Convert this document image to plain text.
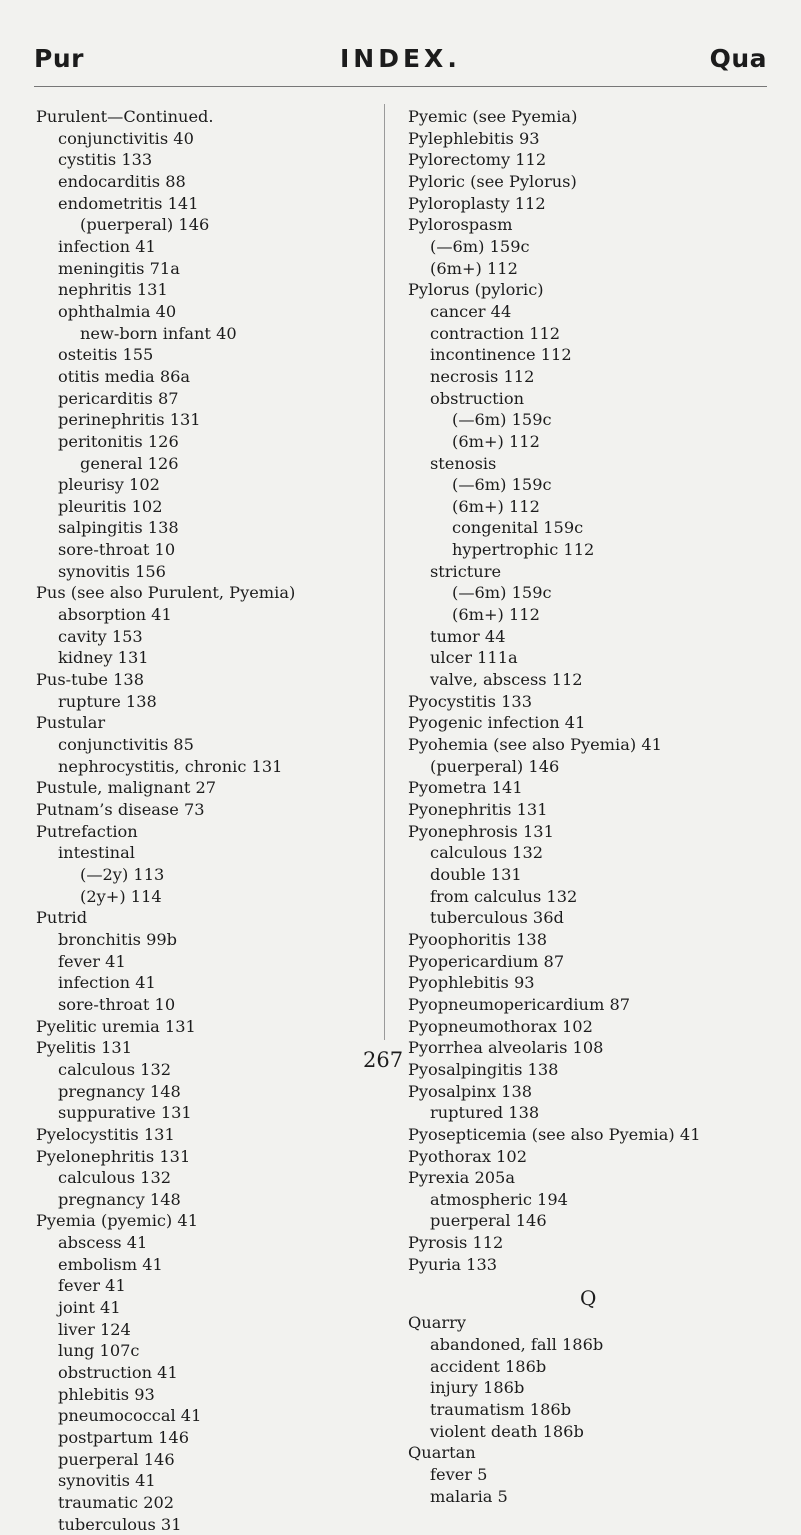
Pur	INDEX.	Qua
Purulent—Continued.
conjunctivitis 40
cystitis 133
endocarditis 88
endometritis 141
(puerperal) 146
infection 41
meningitis 71a
nephritis 131
ophthalmia 40
new-born infant 40
osteitis 155
otitis media 86a
pericarditis 87
perinephritis 131
peritonitis 126
general 126
pleurisy 102
pleuritis 102
salpingitis 138
sore-throat 10
synovitis 156
Pus (see also Purulent, Pyemia)
absorption 41
cavity 153
kidney 131
Pus-tube 138
rupture 138
Pustular
conjunctivitis 85
nephrocystitis, chronic 131
Pustule, malignant 27
Putnam’s disease 73
Putrefaction
intestinal
(—2y) 113
(2y+) 114
Putrid
bronchitis 99b
fever 41
infection 41
sore-throat 10
Pyelitic uremia 131
Pyelitis 131
calculous 132
pregnancy 148
suppurative 131
Pyelocystitis 131
Pyelonephritis 131
calculous 132
pregnancy 148
Pyemia (pyemic) 41
abscess 41
embolism 41
fever 41
joint 41
liver 124
lung 107c
obstruction 41
phlebitis 93
pneumococcal 41
postpartum 146
puerperal 146
synovitis 41
traumatic 202
tuberculous 31
Pyemic (see Pyemia)
Pylephlebitis 93
Pylorectomy 112
Pyloric (see Pylorus)
Pyloroplasty 112
Pylorospasm
(—6m) 159c
(6m+) 112
Pylorus (pyloric)
cancer 44
contraction 112
incontinence 112
necrosis 112
obstruction
(—6m) 159c
(6m+) 112
stenosis
(—6m) 159c
(6m+) 112
congenital 159c
hypertrophic 112
stricture
(—6m) 159c
(6m+) 112
tumor 44
ulcer 111a
valve, abscess 112
Pyocystitis 133
Pyogenic infection 41
Pyohemia (see also Pyemia) 41
(puerperal) 146
Pyometra 141
Pyonephritis 131
Pyonephrosis 131
calculous 132
double 131
from calculus 132
tuberculous 36d
Pyoophoritis 138
Pyopericardium 87
Pyophlebitis 93
Pyopneumopericardium 87
Pyopneumothorax 102
Pyorrhea alveolaris 108
Pyosalpingitis 138
Pyosalpinx 138
ruptured 138
Pyosepticemia (see also Pyemia) 41
Pyothorax 102
Pyrexia 205a
atmospheric 194
puerperal 146
Pyrosis 112
Pyuria 133
Q
Quarry
abandoned, fall 186b
accident 186b
injury 186b
traumatism 186b
violent death 186b
Quartan
fever 5
malaria 5
267
